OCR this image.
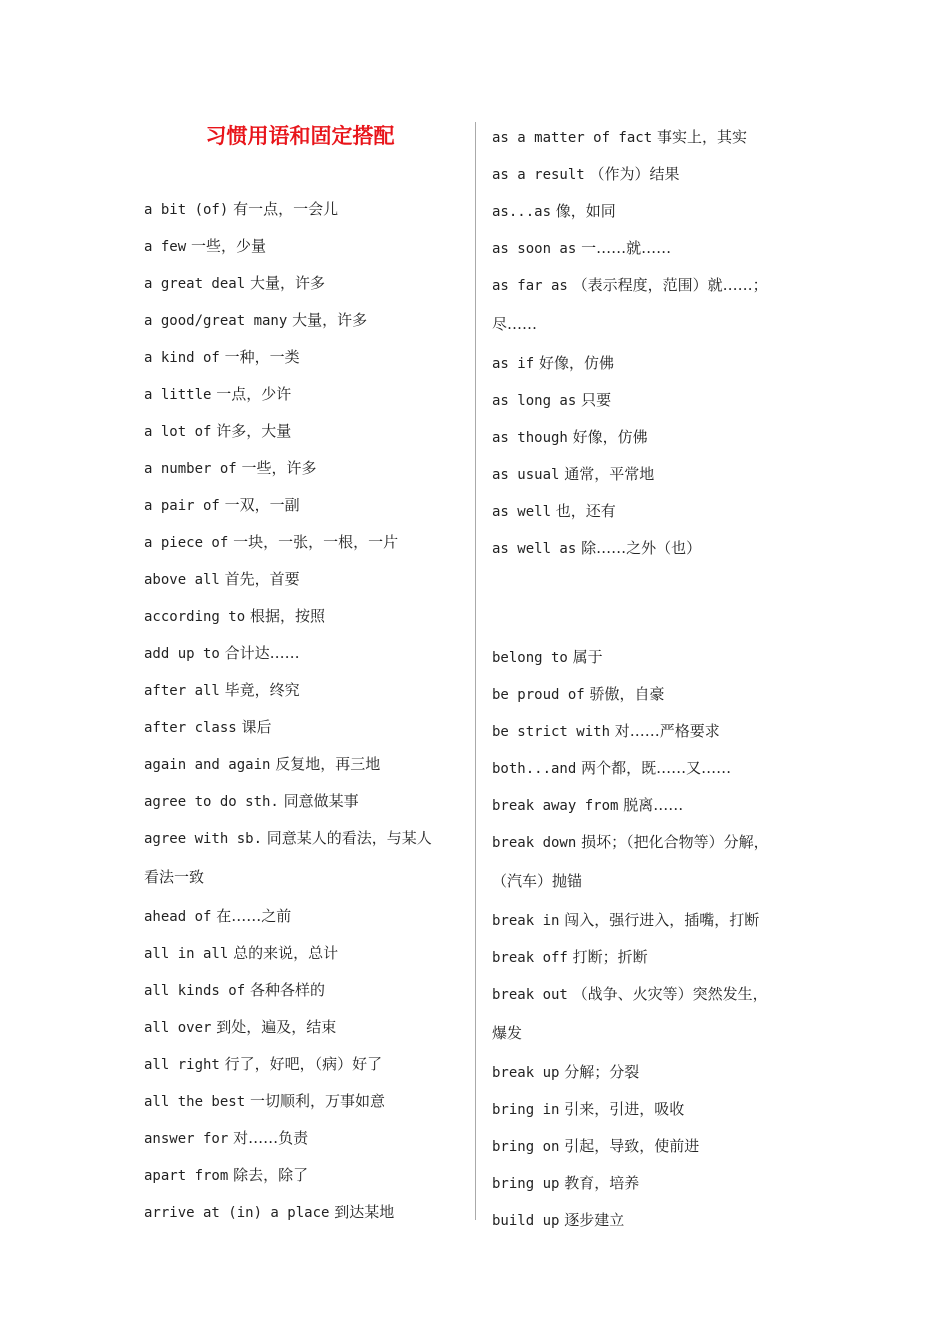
习惯用语和固定搭配
a bit (of) 有一点，一会儿
a few 一些，少量
a great deal 大量，许多
a good/great many 大量，许多
a kind of 一种，一类
a little 一点，少许
a lot of 许多，大量
a number of 一些，许多
a pair of 一双，一副
a piece of 一块，一张，一根，一片
above all 首先，首要
according to 根据，按照
add up to 合计达……
after all 毕竟，终究
after class 课后
again and again 反复地，再三地
agree to do sth. 同意做某事
agree with sb. 同意某人的看法，与某人
看法一致
ahead of 在……之前
all in all 总的来说，总计
all kinds of 各种各样的
all over 到处，遍及，结束
all right 行了，好吧，（病）好了
all the best 一切顺利，万事如意
answer for 对……负责
apart from 除去，除了
arrive at (in) a place 到达某地
as a matter of fact 事实上，其实
as a result （作为）结果
as...as 像，如同
as soon as 一……就……
as far as （表示程度，范围）就……；
尽……
as if 好像，仿佛
as long as 只要
as though 好像，仿佛
as usual 通常，平常地
as well 也，还有
as well as 除……之外（也）
belong to 属于
be proud of 骄傲，自豪
be strict with 对……严格要求
both...and 两个都，既……又……
break away from 脱离……
break down 损坏；（把化合物等）分解，
（汽车）抛锚
break in 闯入，强行进入，插嘴，打断
break off 打断；折断
break out （战争、火灾等）突然发生，
爆发
break up 分解；分裂
bring in 引来，引进，吸收
bring on 引起，导致，使前进
bring up 教育，培养
build up 逐步建立
